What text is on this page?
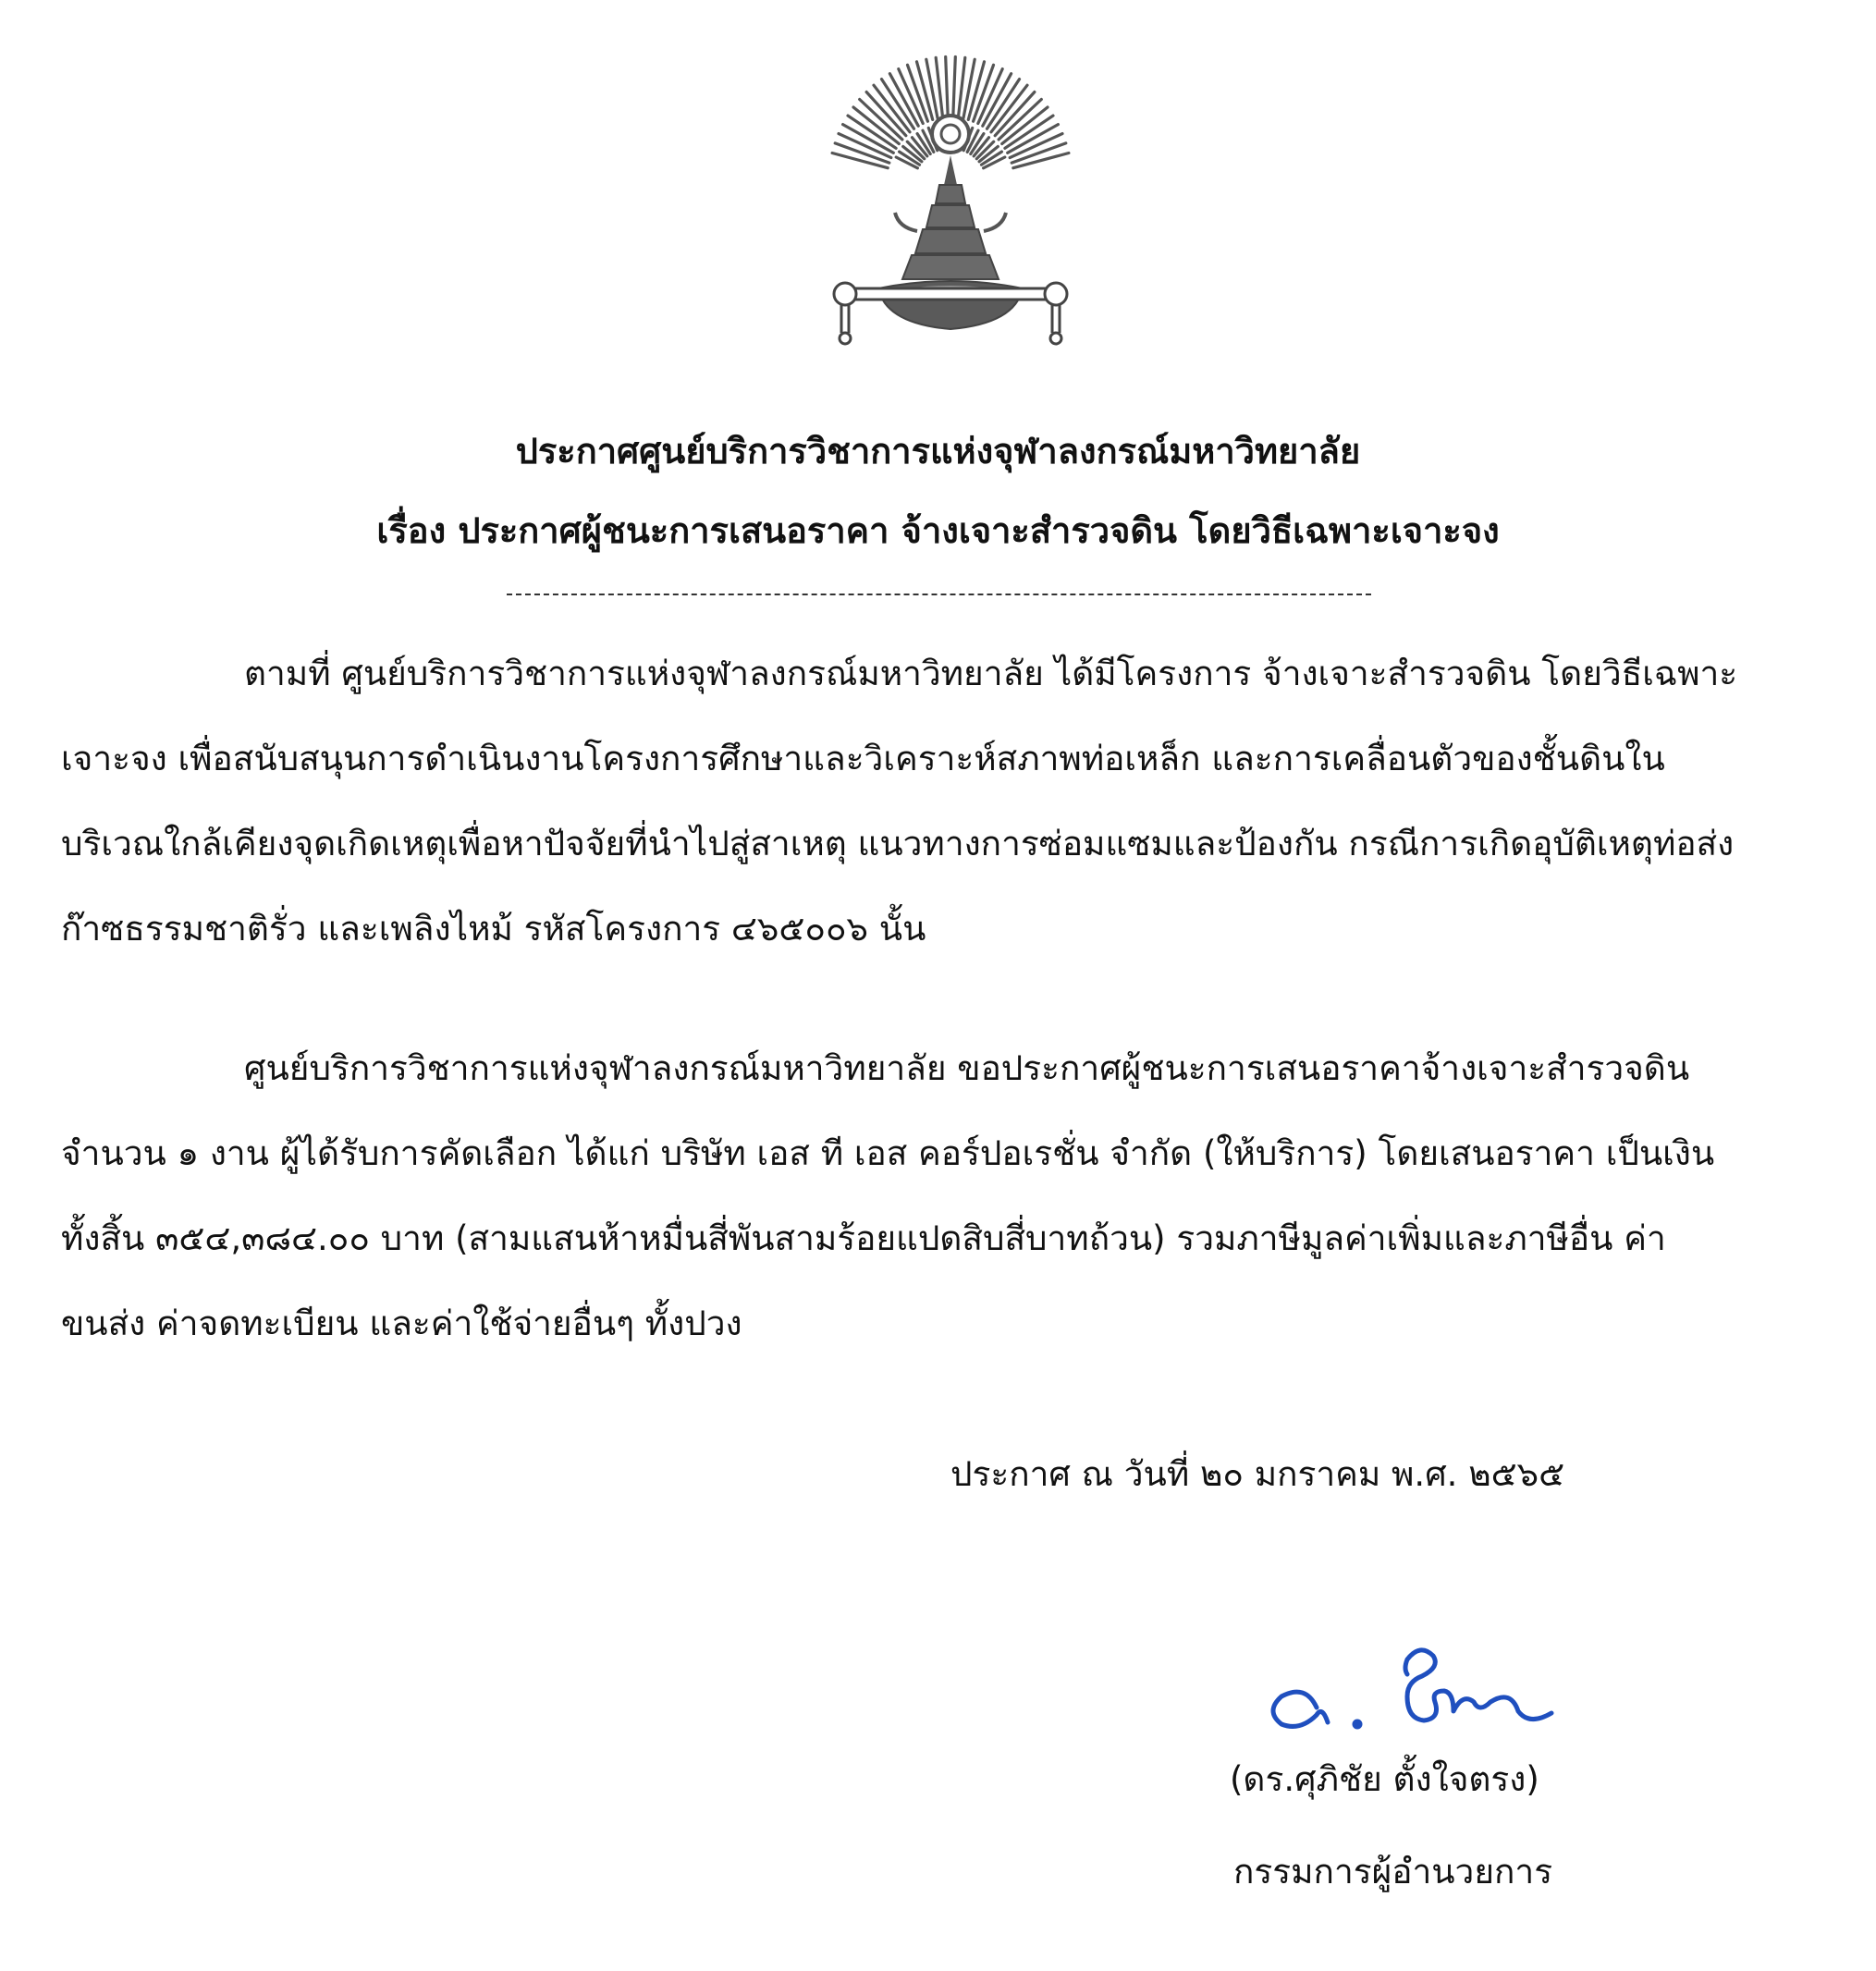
ประกาศศูนย์บริการวิชาการแห่งจุฬาลงกรณ์มหาวิทยาลัย
เรื่อง ประกาศผู้ชนะการเสนอราคา จ้างเจาะสำรวจดิน โดยวิธีเฉพาะเจาะจง
ตามที่ ศูนย์บริการวิชาการแห่งจุฬาลงกรณ์มหาวิทยาลัย ได้มีโครงการ จ้างเจาะสำรวจดิน โดยวิธีเฉพาะ
เจาะจง เพื่อสนับสนุนการดำเนินงานโครงการศึกษาและวิเคราะห์สภาพท่อเหล็ก และการเคลื่อนตัวของชั้นดินใน
บริเวณใกล้เคียงจุดเกิดเหตุเพื่อหาปัจจัยที่นำไปสู่สาเหตุ แนวทางการซ่อมแซมและป้องกัน กรณีการเกิดอุบัติเหตุท่อส่ง
ก๊าซธรรมชาติรั่ว และเพลิงไหม้ รหัสโครงการ ๔๖๕๐๐๖ นั้น
ศูนย์บริการวิชาการแห่งจุฬาลงกรณ์มหาวิทยาลัย ขอประกาศผู้ชนะการเสนอราคาจ้างเจาะสำรวจดิน
จำนวน ๑ งาน ผู้ได้รับการคัดเลือก ได้แก่ บริษัท เอส ที เอส คอร์ปอเรชั่น จำกัด (ให้บริการ) โดยเสนอราคา เป็นเงิน
ทั้งสิ้น ๓๕๔,๓๘๔.๐๐ บาท (สามแสนห้าหมื่นสี่พันสามร้อยแปดสิบสี่บาทถ้วน) รวมภาษีมูลค่าเพิ่มและภาษีอื่น ค่า
ขนส่ง ค่าจดทะเบียน และค่าใช้จ่ายอื่นๆ ทั้งปวง
ประกาศ ณ วันที่ ๒๐ มกราคม พ.ศ. ๒๕๖๕
(ดร.ศุภิชัย ตั้งใจตรง)
กรรมการผู้อำนวยการ
